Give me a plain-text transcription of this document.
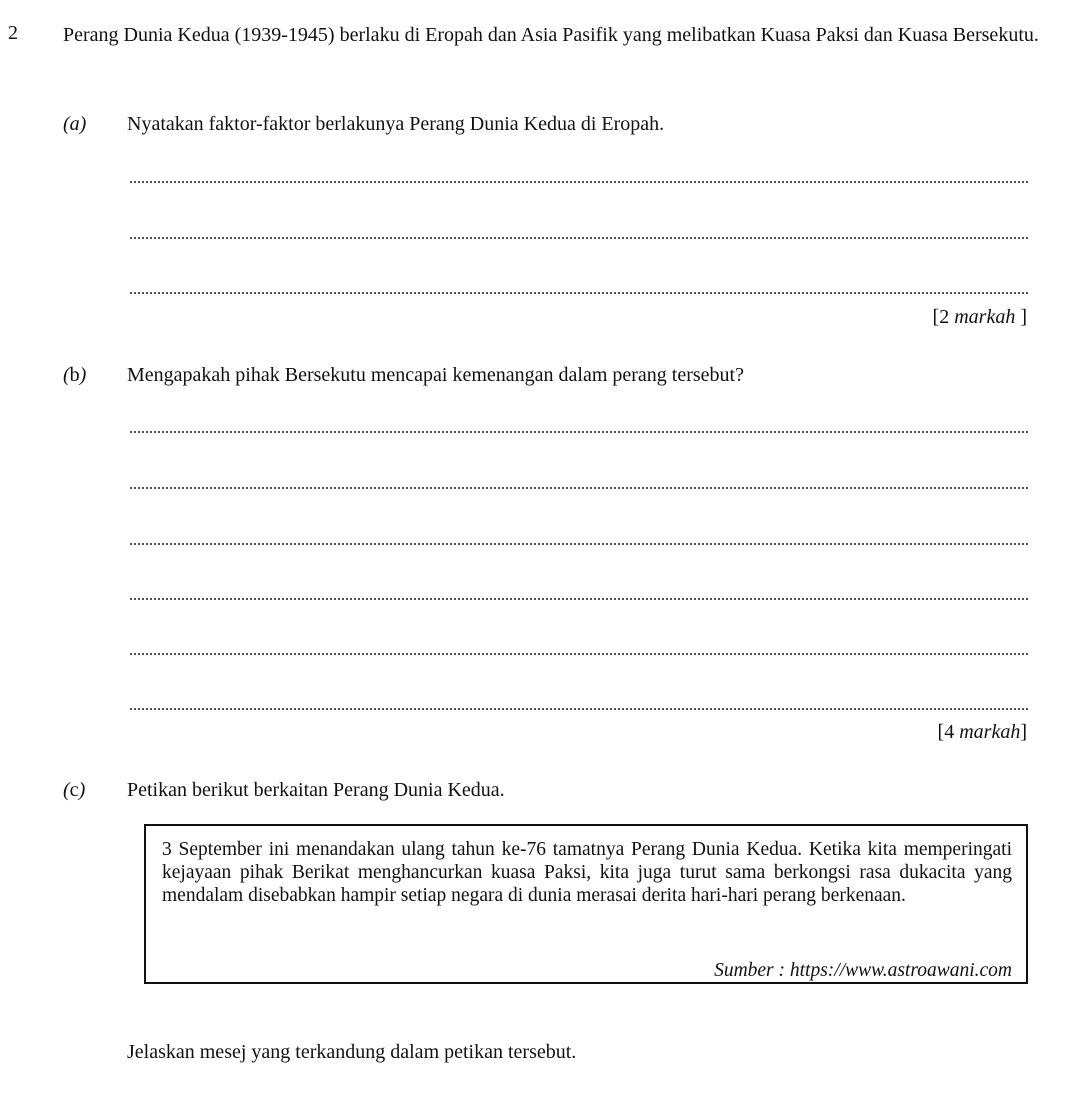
2 Perang Dunia Kedua (1939-1945) berlaku di Eropah dan Asia Pasifik yang melibatkan Kuasa Paksi dan Kuasa Bersekutu.
(a) Nyatakan faktor-faktor berlakunya Perang Dunia Kedua di Eropah.
[2 markah ]
(b) Mengapakah pihak Bersekutu mencapai kemenangan dalam perang tersebut?
[4 markah]
(c) Petikan berikut berkaitan Perang Dunia Kedua.
3 September ini menandakan ulang tahun ke-76 tamatnya Perang Dunia Kedua. Ketika kita memperingati kejayaan pihak Berikat menghancurkan kuasa Paksi, kita juga turut sama berkongsi rasa dukacita yang mendalam disebabkan hampir setiap negara di dunia merasai derita hari-hari perang berkenaan.
Sumber : https://www.astroawani.com
Jelaskan mesej yang terkandung dalam petikan tersebut.
